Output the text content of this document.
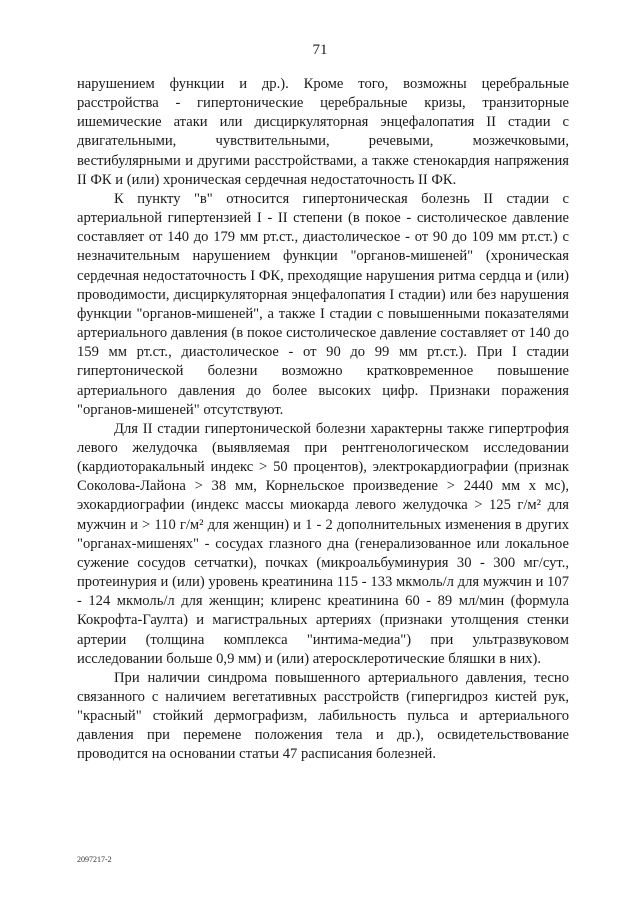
71

нарушением функции и др.). Кроме того, возможны церебральные расстройства - гипертонические церебральные кризы, транзиторные ишемические атаки или дисциркуляторная энцефалопатия II стадии с двигательными, чувствительными, речевыми, мозжечковыми, вестибулярными и другими расстройствами, а также стенокардия напряжения II ФК и (или) хроническая сердечная недостаточность II ФК.

К пункту "в" относится гипертоническая болезнь II стадии с артериальной гипертензией I - II степени (в покое - систолическое давление составляет от 140 до 179 мм рт.ст., диастолическое - от 90 до 109 мм рт.ст.) с незначительным нарушением функции "органов-мишеней" (хроническая сердечная недостаточность I ФК, преходящие нарушения ритма сердца и (или) проводимости, дисциркуляторная энцефалопатия I стадии) или без нарушения функции "органов-мишеней", а также I стадии с повышенными показателями артериального давления (в покое систолическое давление составляет от 140 до 159 мм рт.ст., диастолическое - от 90 до 99 мм рт.ст.). При I стадии гипертонической болезни возможно кратковременное повышение артериального давления до более высоких цифр. Признаки поражения "органов-мишеней" отсутствуют.

Для II стадии гипертонической болезни характерны также гипертрофия левого желудочка (выявляемая при рентгенологическом исследовании (кардиоторакальный индекс > 50 процентов), электрокардиографии (признак Соколова-Лайона > 38 мм, Корнельское произведение > 2440 мм х мс), эхокардиографии (индекс массы миокарда левого желудочка > 125 г/м² для мужчин и > 110 г/м² для женщин) и 1 - 2 дополнительных изменения в других "органах-мишенях" - сосудах глазного дна (генерализованное или локальное сужение сосудов сетчатки), почках (микроальбуминурия 30 - 300 мг/сут., протеинурия и (или) уровень креатинина 115 - 133 мкмоль/л для мужчин и 107 - 124 мкмоль/л для женщин; клиренс креатинина 60 - 89 мл/мин (формула Кокрофта-Гаулта) и магистральных артериях (признаки утолщения стенки артерии (толщина комплекса "интима-медиа") при ультразвуковом исследовании больше 0,9 мм) и (или) атеросклеротические бляшки в них).

При наличии синдрома повышенного артериального давления, тесно связанного с наличием вегетативных расстройств (гипергидроз кистей рук, "красный" стойкий дермографизм, лабильность пульса и артериального давления при перемене положения тела и др.), освидетельствование проводится на основании статьи 47 расписания болезней.

2097217-2
